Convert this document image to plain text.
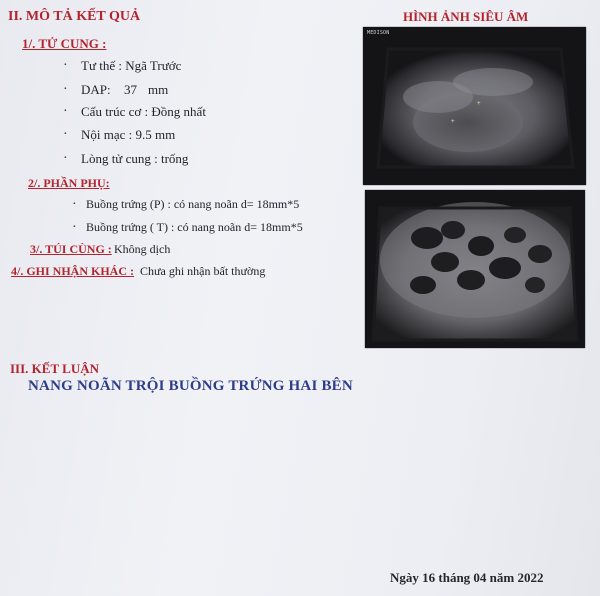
II. MÔ TẢ KẾT QUẢ
1/. TỬ CUNG :
· Tư thế : Ngã Trước
· DAP: 37 mm
· Cấu trúc cơ : Đồng nhất
· Nội mạc : 9.5 mm
· Lòng tử cung : trống
2/. PHẦN PHỤ:
· Buồng trứng (P) : có nang noãn d= 18mm*5
· Buồng trứng ( T) : có nang noãn d= 18mm*5
3/. TÚI CÙNG : Không dịch
4/. GHI NHẬN KHÁC : Chưa ghi nhận bất thường
HÌNH ẢNH SIÊU ÂM
+
+
MEDISON
III. KẾT LUẬN
NANG NOÃN TRỘI BUỒNG TRỨNG HAI BÊN
Ngày 16 tháng 04 năm 2022
